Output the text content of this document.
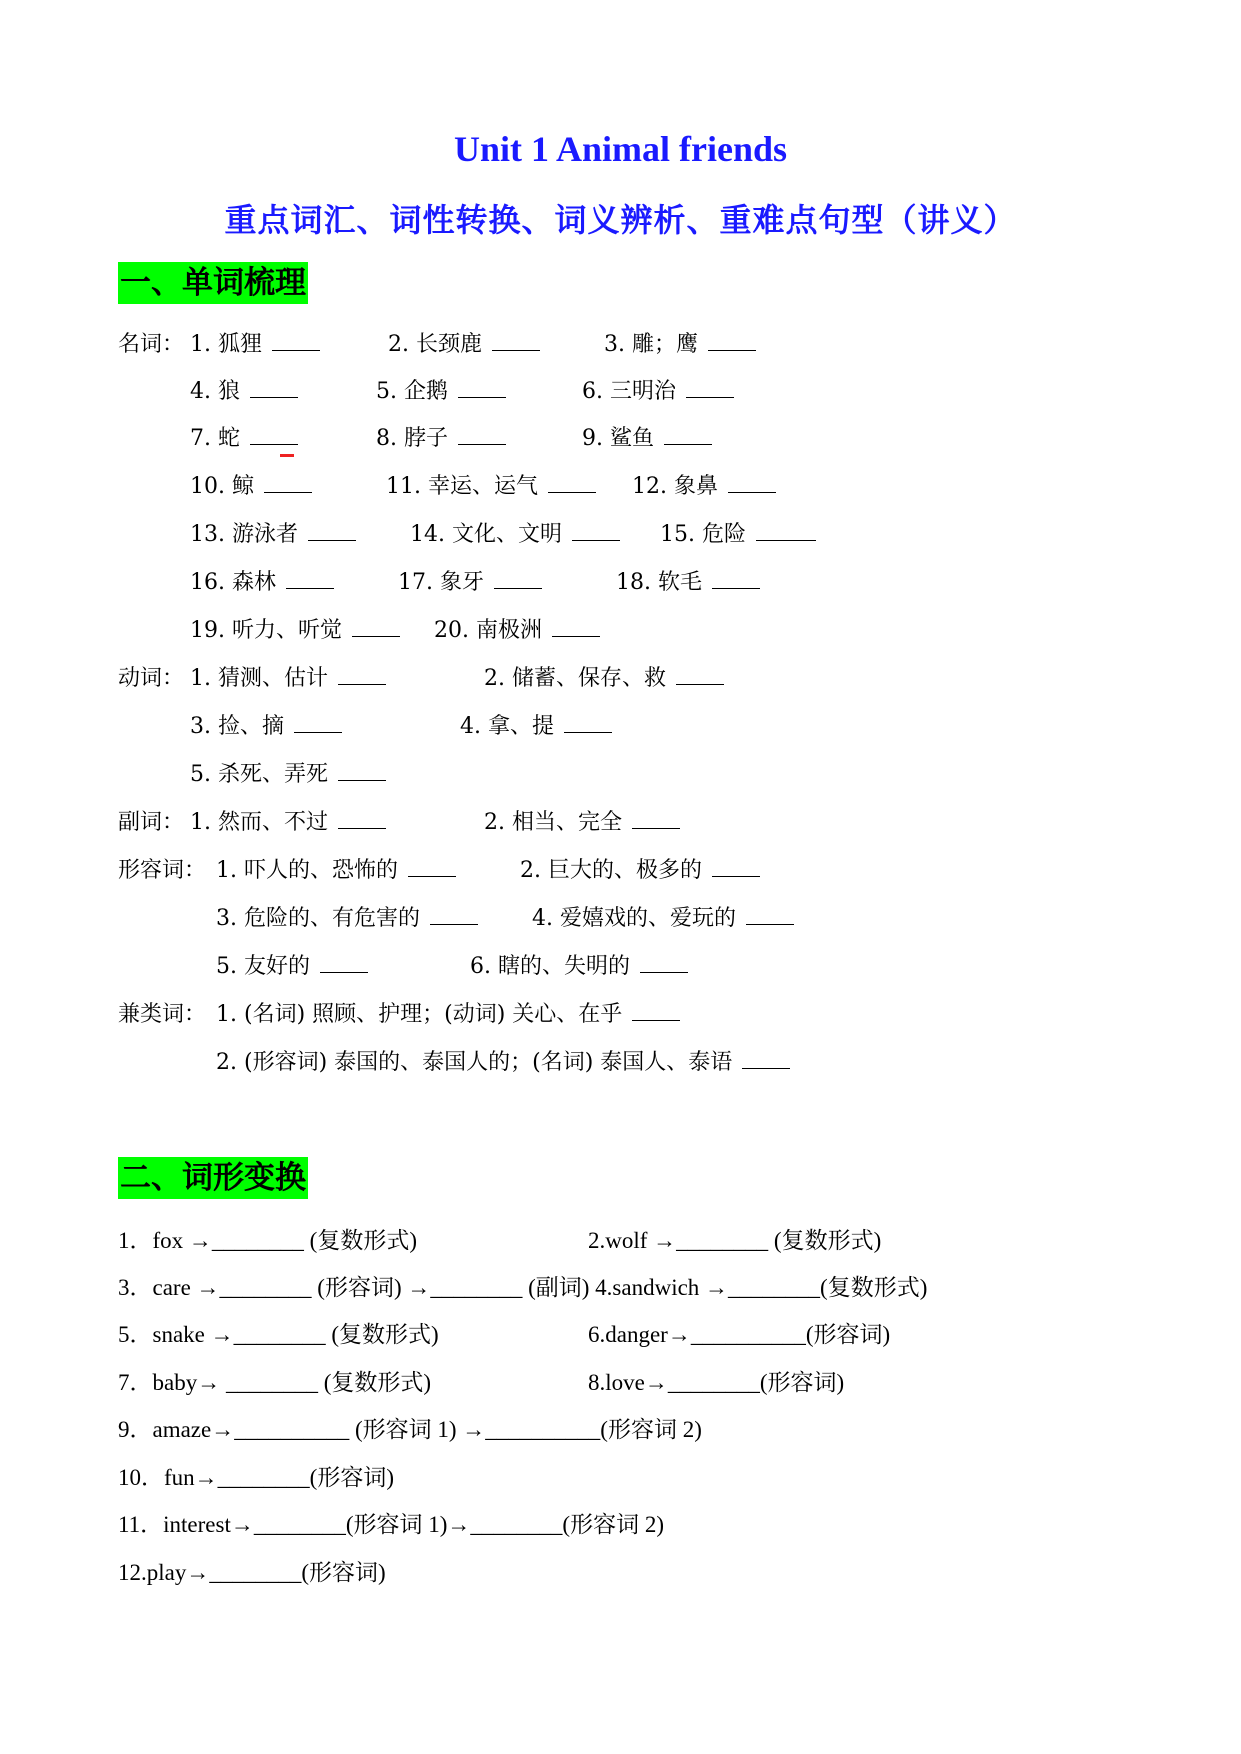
Unit 1 Animal friends
重点词汇、词性转换、词义辨析、重难点句型（讲义）
一、单词梳理
名词： 1. 狐狸	2. 长颈鹿	3. 雕；鹰
4. 狼	5. 企鹅	6. 三明治
7. 蛇	8. 脖子	9. 鲨鱼
10. 鲸	11. 幸运、运气	12. 象鼻
13. 游泳者	14. 文化、文明	15. 危险
16. 森林	17. 象牙	18. 软毛
19. 听力、听觉	20. 南极洲
动词： 1. 猜测、估计	2. 储蓄、保存、救
3. 捡、摘	4. 拿、提
5. 杀死、弄死
副词： 1. 然而、不过	2. 相当、完全
形容词： 1. 吓人的、恐怖的	2. 巨大的、极多的
3. 危险的、有危害的	4. 爱嬉戏的、爱玩的
5. 友好的	6. 瞎的、失明的
兼类词： 1. (名词) 照顾、护理；(动词) 关心、在乎
2. (形容词) 泰国的、泰国人的；(名词) 泰国人、泰语
二、词形变换
1．fox →________ (复数形式)	2.wolf →________ (复数形式)
3．care →________ (形容词) →________ (副词) 4.sandwich →________(复数形式)
5．snake →________ (复数形式)	6.danger→__________(形容词)
7．baby→ ________ (复数形式)	8.love→________(形容词)
9．amaze→__________ (形容词 1) →__________(形容词 2)
10．fun→________(形容词)
11．interest→________(形容词 1)→________(形容词 2)
12.play→________(形容词)
